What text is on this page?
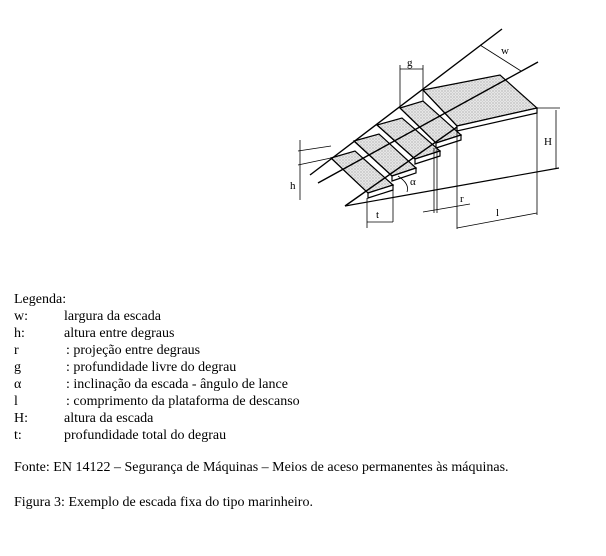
w
g
H
h	α
r
t	l
Legenda:
w:	largura da escada
h:	altura entre degraus
r	: projeção entre degraus
g	: profundidade livre do degrau
α	: inclinação da escada - ângulo de lance
l	: comprimento da plataforma de descanso
H:	altura da escada
t:	profundidade total do degrau
Fonte: EN 14122 – Segurança de Máquinas – Meios de aceso permanentes às máquinas.
Figura 3: Exemplo de escada fixa do tipo marinheiro.
